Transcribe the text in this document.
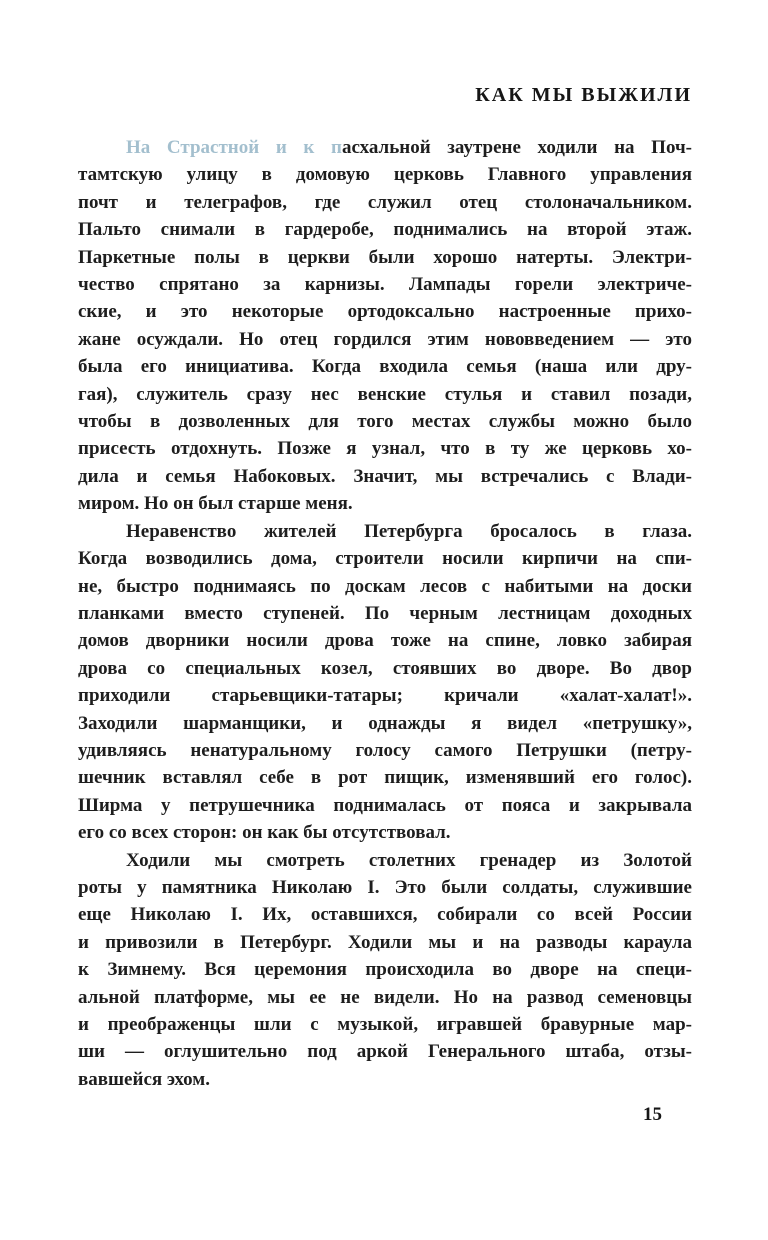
КАК МЫ ВЫЖИЛИ
На Страстной и к пасхальной заутрене ходили на Поч-
тамтскую улицу в домовую церковь Главного управления
почт и телеграфов, где служил отец столоначальником.
Пальто снимали в гардеробе, поднимались на второй этаж.
Паркетные полы в церкви были хорошо натерты. Электри-
чество спрятано за карнизы. Лампады горели электриче-
ские, и это некоторые ортодоксально настроенные прихо-
жане осуждали. Но отец гордился этим нововведением — это
была его инициатива. Когда входила семья (наша или дру-
гая), служитель сразу нес венские стулья и ставил позади,
чтобы в дозволенных для того местах службы можно было
присесть отдохнуть. Позже я узнал, что в ту же церковь хо-
дила и семья Набоковых. Значит, мы встречались с Влади-
миром. Но он был старше меня.
Неравенство жителей Петербурга бросалось в глаза.
Когда возводились дома, строители носили кирпичи на спи-
не, быстро поднимаясь по доскам лесов с набитыми на доски
планками вместо ступеней. По черным лестницам доходных
домов дворники носили дрова тоже на спине, ловко забирая
дрова со специальных козел, стоявших во дворе. Во двор
приходили старьевщики-татары; кричали «халат-халат!».
Заходили шарманщики, и однажды я видел «петрушку»,
удивляясь ненатуральному голосу самого Петрушки (петру-
шечник вставлял себе в рот пищик, изменявший его голос).
Ширма у петрушечника поднималась от пояса и закрывала
его со всех сторон: он как бы отсутствовал.
Ходили мы смотреть столетних гренадер из Золотой
роты у памятника Николаю I. Это были солдаты, служившие
еще Николаю I. Их, оставшихся, собирали со всей России
и привозили в Петербург. Ходили мы и на разводы караула
к Зимнему. Вся церемония происходила во дворе на специ-
альной платформе, мы ее не видели. Но на развод семеновцы
и преображенцы шли с музыкой, игравшей бравурные мар-
ши — оглушительно под аркой Генерального штаба, отзы-
вавшейся эхом.
15
